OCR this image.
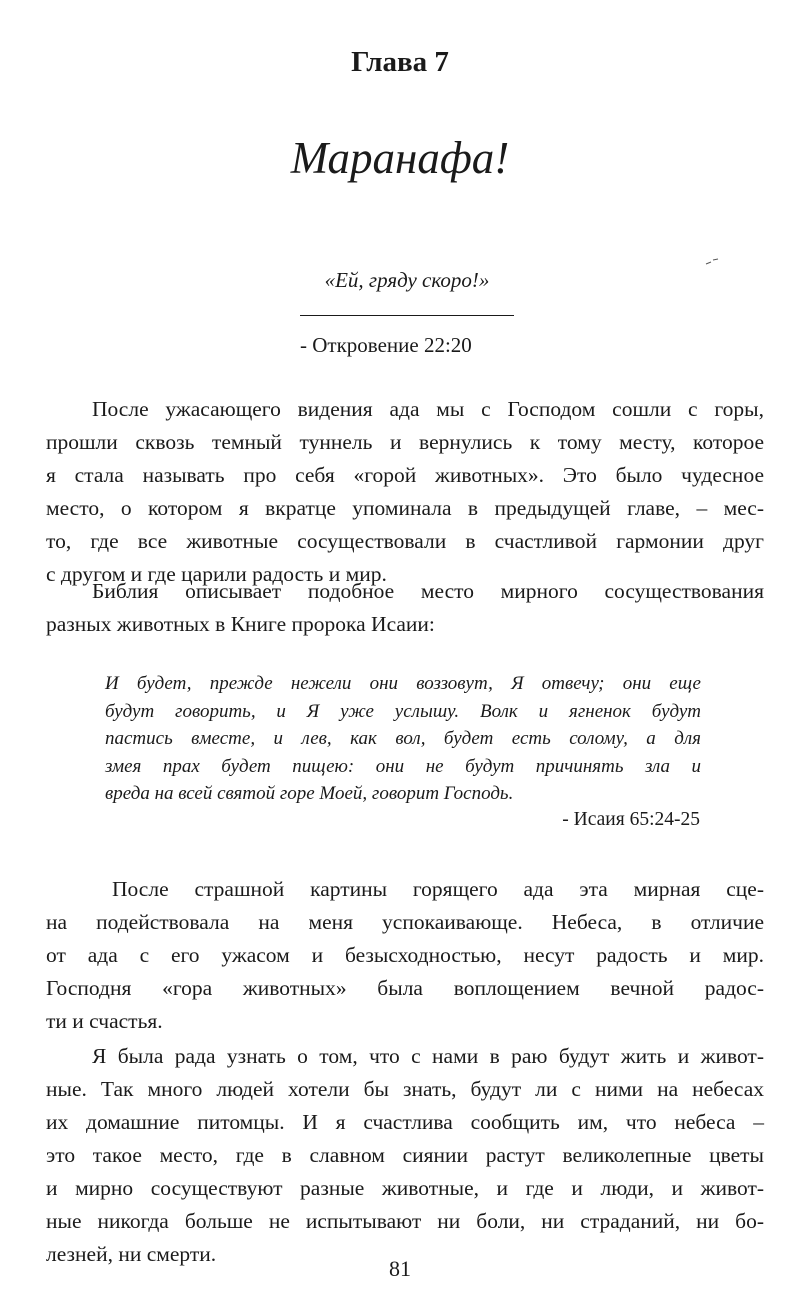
Глава 7
Маранафа!
«Ей, гряду скоро!»
- Откровение 22:20
После ужасающего видения ада мы с Господом сошли с горы,
прошли сквозь темный туннель и вернулись к тому месту, которое
я стала называть про себя «горой животных». Это было чудесное
место, о котором я вкратце упоминала в предыдущей главе, – мес-
то, где все животные сосуществовали в счастливой гармонии друг
с другом и где царили радость и мир.
Библия описывает подобное место мирного сосуществования
разных животных в Книге пророка Исаии:
И будет, прежде нежели они воззовут, Я отвечу; они еще
будут говорить, и Я уже услышу. Волк и ягненок будут
пастись вместе, и лев, как вол, будет есть солому, а для
змея прах будет пищею: они не будут причинять зла и
вреда на всей святой горе Моей, говорит Господь.
- Исаия 65:24-25
После страшной картины горящего ада эта мирная сце-
на подействовала на меня успокаивающе. Небеса, в отличие
от ада с его ужасом и безысходностью, несут радость и мир.
Господня «гора животных» была воплощением вечной радос-
ти и счастья.
Я была рада узнать о том, что с нами в раю будут жить и живот-
ные. Так много людей хотели бы знать, будут ли с ними на небесах
их домашние питомцы. И я счастлива сообщить им, что небеса –
это такое место, где в славном сиянии растут великолепные цветы
и мирно сосуществуют разные животные, и где и люди, и живот-
ные никогда больше не испытывают ни боли, ни страданий, ни бо-
лезней, ни смерти.
81
